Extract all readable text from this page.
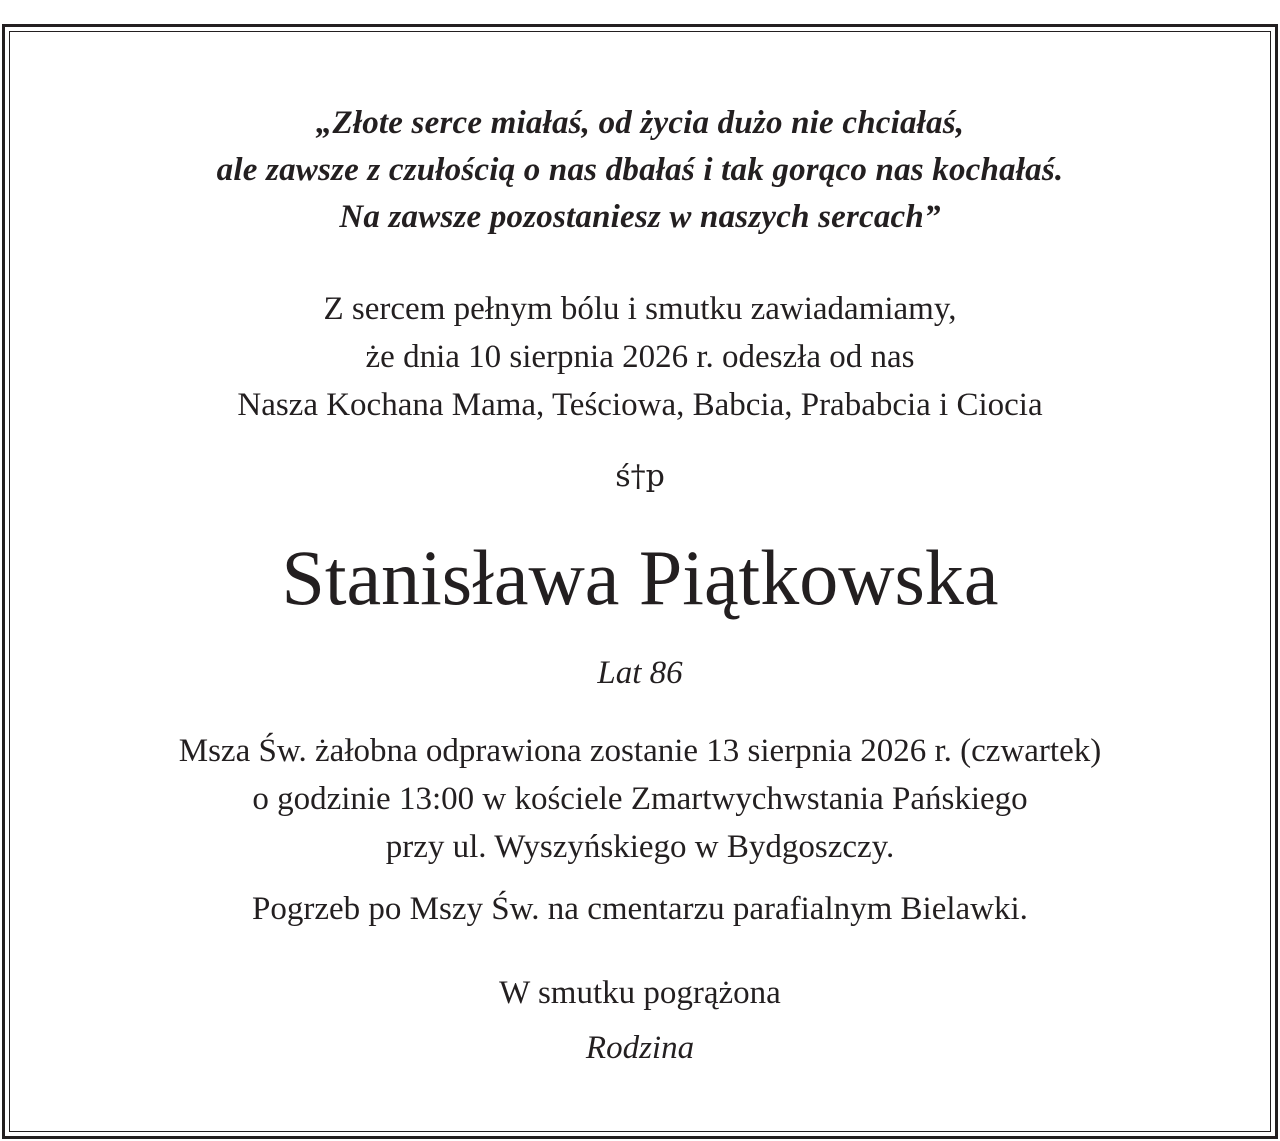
„Złote serce miałaś, od życia dużo nie chciałaś,
ale zawsze z czułością o nas dbałaś i tak gorąco nas kochałaś.
Na zawsze pozostaniesz w naszych sercach”
Z sercem pełnym bólu i smutku zawiadamiamy,
że dnia 10 sierpnia 2026 r. odeszła od nas
Nasza Kochana Mama, Teściowa, Babcia, Prababcia i Ciocia
ś†p
Stanisława Piątkowska
Lat 86
Msza Św. żałobna odprawiona zostanie 13 sierpnia 2026 r. (czwartek)
o godzinie 13:00 w kościele Zmartwychwstania Pańskiego
przy ul. Wyszyńskiego w Bydgoszczy.
Pogrzeb po Mszy Św. na cmentarzu parafialnym Bielawki.
W smutku pogrążona
Rodzina
